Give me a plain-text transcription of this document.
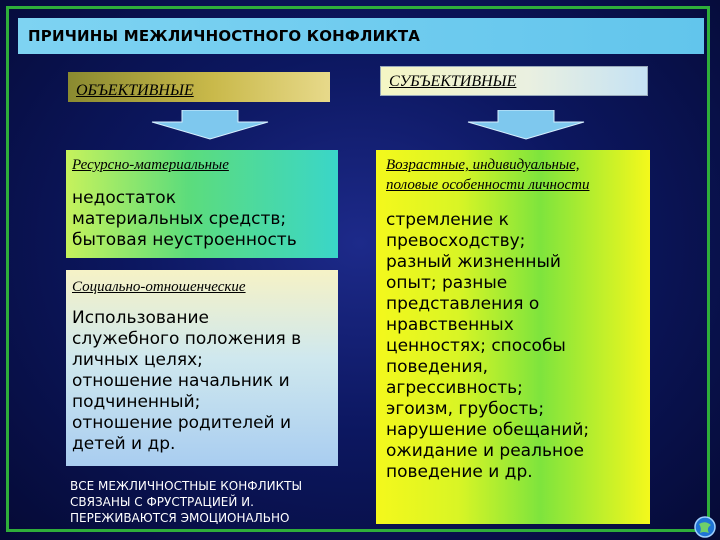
ПРИЧИНЫ МЕЖЛИЧНОСТНОГО КОНФЛИКТА
ОБЪЕКТИВНЫЕ
СУБЪЕКТИВНЫЕ
Ресурсно-материальные
недостаток
материальных средств;
бытовая неустроенность
Социально-отношенческие
Использование
служебного положения в
личных целях;
отношение начальник и
подчиненный;
отношение родителей и
детей и др.
Возрастные, индивидуальные,
половые особенности личности
стремление к
превосходству;
разный жизненный
опыт; разные
представления о
нравственных
ценностях; способы
поведения,
агрессивность;
эгоизм, грубость;
нарушение обещаний;
ожидание и реальное
поведение и др.
ВСЕ МЕЖЛИЧНОСТНЫЕ КОНФЛИКТЫ
СВЯЗАНЫ С ФРУСТРАЦИЕЙ И.
ПЕРЕЖИВАЮТСЯ ЭМОЦИОНАЛЬНО
